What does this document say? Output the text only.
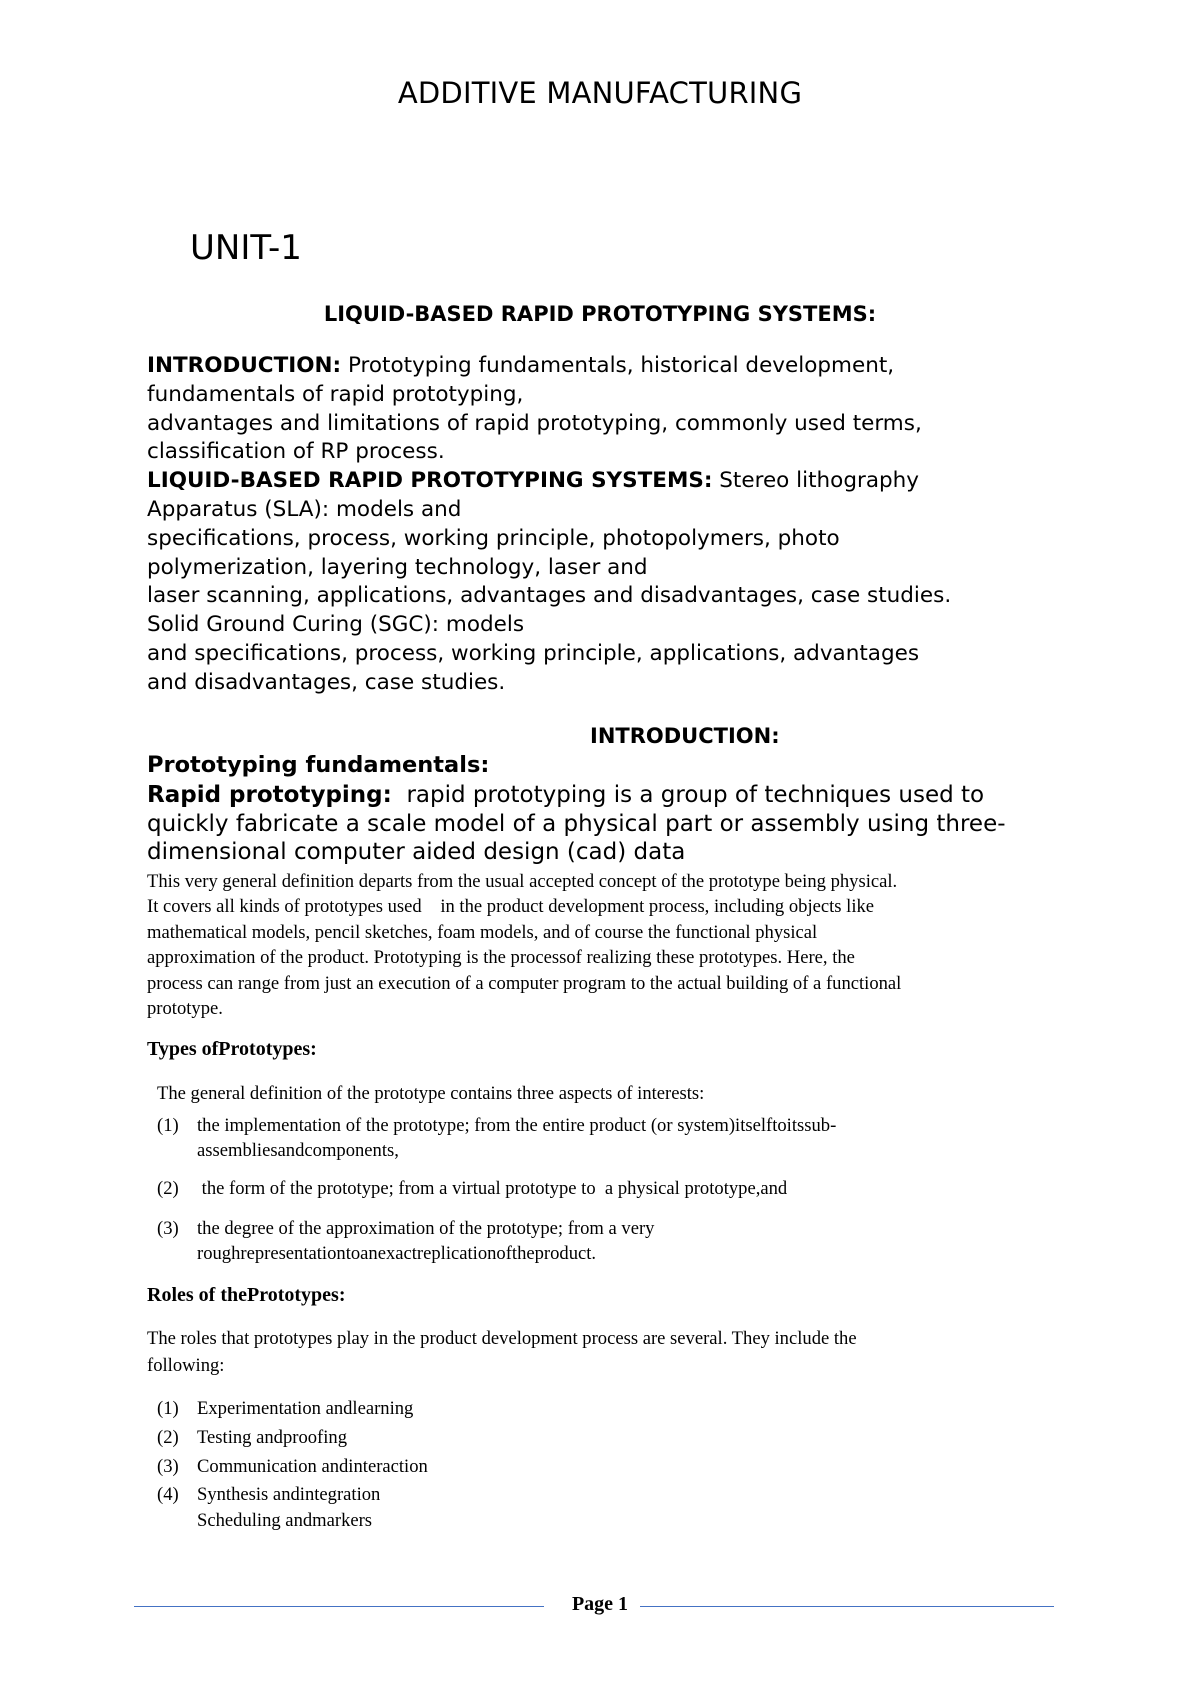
ADDITIVE MANUFACTURING
UNIT-1
LIQUID-BASED RAPID PROTOTYPING SYSTEMS:

INTRODUCTION: Prototyping fundamentals, historical development,

fundamentals of rapid prototyping,

advantages and limitations of rapid prototyping, commonly used terms,

classification of RP process.

LIQUID-BASED RAPID PROTOTYPING SYSTEMS: Stereo lithography

Apparatus (SLA): models and

specifications, process, working principle, photopolymers, photo

polymerization, layering technology, laser and

laser scanning, applications, advantages and disadvantages, case studies.

Solid Ground Curing (SGC): models

and specifications, process, working principle, applications, advantages

and disadvantages, case studies.

INTRODUCTION:
Prototyping fundamentals:
Rapid prototyping: rapid prototyping is a group of techniques used to
quickly fabricate a scale model of a physical part or assembly using three-
dimensional computer aided design (cad) data
This very general definition departs from the usual accepted concept of the prototype being physical.
It covers all kinds of prototypes used    in the product development process, including objects like
mathematical models, pencil sketches, foam models, and of course the functional physical
approximation of the product. Prototyping is the processof realizing these prototypes. Here, the
process can range from just an execution of a computer program to the actual building of a functional
prototype.
Types ofPrototypes:
The general definition of the prototype contains three aspects of interests:
(1) the implementation of the prototype; from the entire product (or system)itselftoitssub-
assembliesandcomponents,
(2) the form of the prototype; from a virtual prototype to  a physical prototype,and
(3) the degree of the approximation of the prototype; from a very
roughrepresentationtoanexactreplicationoftheproduct.
Roles of thePrototypes:
The roles that prototypes play in the product development process are several. They include the
following:
(1) Experimentation andlearning
(2) Testing andproofing
(3) Communication andinteraction
(4) Synthesis andintegration
Scheduling andmarkers
Page 1
